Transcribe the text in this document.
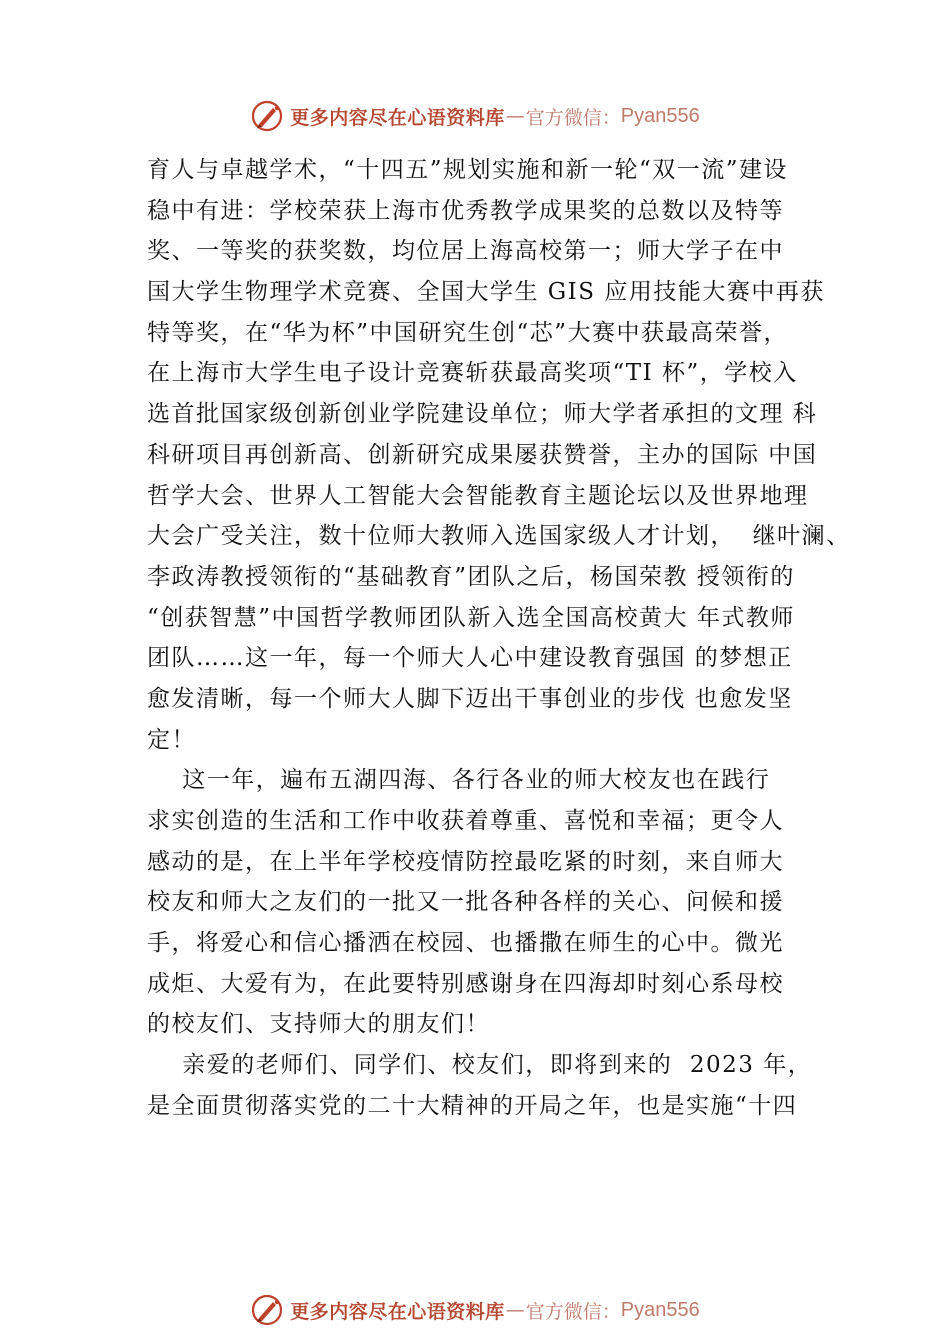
更多内容尽在心语资料库 — 官方微信： Pyan556
育人与卓越学术，“十四五”规划实施和新一轮“双一流”建设
稳中有进：学校荣获上海市优秀教学成果奖的总数以及特等
奖、一等奖的获奖数，均位居上海高校第一；师大学子在中
国大学生物理学术竞赛、全国大学生 GIS 应用技能大赛中再获
特等奖，在“华为杯”中国研究生创“芯”大赛中获最高荣誉，
在上海市大学生电子设计竞赛斩获最高奖项“TI 杯”，学校入
选首批国家级创新创业学院建设单位；师大学者承担的文理 科
科研项目再创新高、创新研究成果屡获赞誉，主办的国际 中国
哲学大会、世界人工智能大会智能教育主题论坛以及世界地理
大会广受关注，数十位师大教师入选国家级人才计划，  继叶澜、
李政涛教授领衔的“基础教育”团队之后，杨国荣教 授领衔的
“创获智慧”中国哲学教师团队新入选全国高校黄大 年式教师
团队……这一年，每一个师大人心中建设教育强国 的梦想正
愈发清晰，每一个师大人脚下迈出干事创业的步伐 也愈发坚
定！
这一年，遍布五湖四海、各行各业的师大校友也在践行
求实创造的生活和工作中收获着尊重、喜悦和幸福；更令人
感动的是，在上半年学校疫情防控最吃紧的时刻，来自师大
校友和师大之友们的一批又一批各种各样的关心、问候和援
手，将爱心和信心播洒在校园、也播撒在师生的心中。微光
成炬、大爱有为，在此要特别感谢身在四海却时刻心系母校
的校友们、支持师大的朋友们！
亲爱的老师们、同学们、校友们，即将到来的  2023 年，
是全面贯彻落实党的二十大精神的开局之年，也是实施“十四
更多内容尽在心语资料库 — 官方微信： Pyan556
